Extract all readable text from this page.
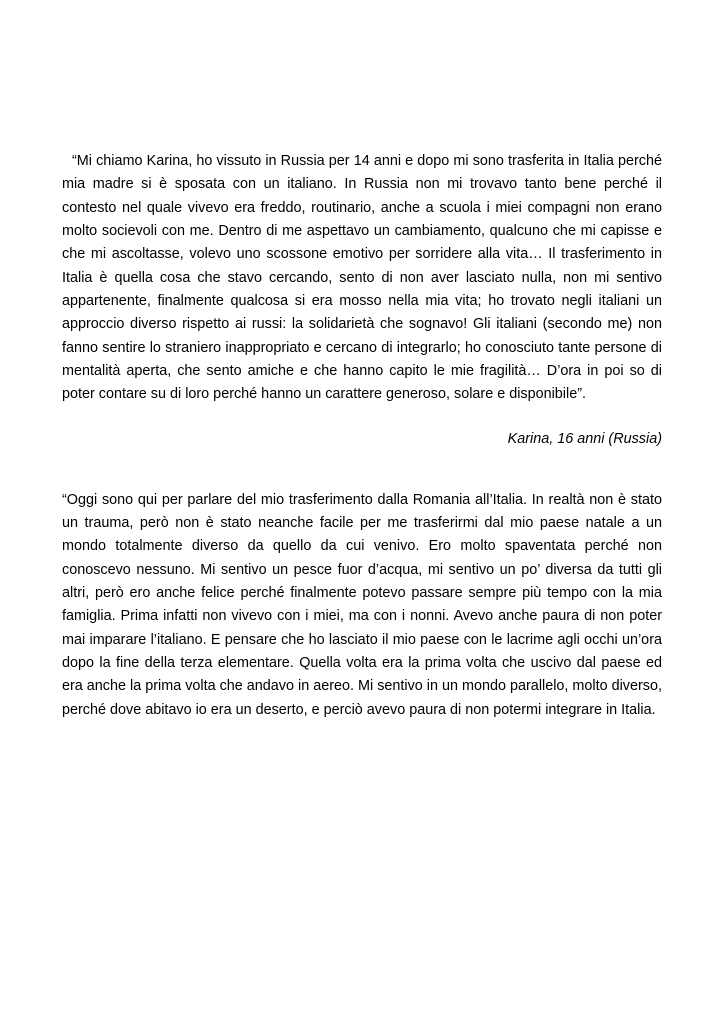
“Mi chiamo Karina, ho vissuto in Russia per 14 anni e dopo mi sono trasferita in Italia perché mia madre si è sposata con un italiano. In Russia non mi trovavo tanto bene perché il contesto nel quale vivevo era freddo, routinario, anche a scuola i miei compagni non erano molto socievoli con me. Dentro di me aspettavo un cambiamento, qualcuno che mi capisse e che mi ascoltasse, volevo uno scossone emotivo per sorridere alla vita… Il trasferimento in Italia è quella cosa che stavo cercando, sento di non aver lasciato nulla, non mi sentivo appartenente, finalmente qualcosa si era mosso nella mia vita; ho trovato negli italiani un approccio diverso rispetto ai russi: la solidarietà che sognavo! Gli italiani (secondo me) non fanno sentire lo straniero inappropriato e cercano di integrarlo; ho conosciuto tante persone di mentalità aperta, che sento amiche e che hanno capito le mie fragilità… D’ora in poi so di poter contare su di loro perché hanno un carattere generoso, solare e disponibile”.

Karina, 16 anni (Russia)

“Oggi sono qui per parlare del mio trasferimento dalla Romania all’Italia. In realtà non è stato un trauma, però non è stato neanche facile per me trasferirmi dal mio paese natale a un mondo totalmente diverso da quello da cui venivo. Ero molto spaventata perché non conoscevo nessuno. Mi sentivo un pesce fuor d’acqua, mi sentivo un po’ diversa da tutti gli altri, però ero anche felice perché finalmente potevo passare sempre più tempo con la mia famiglia. Prima infatti non vivevo con i miei, ma con i nonni. Avevo anche paura di non poter mai imparare l’italiano. E pensare che ho lasciato il mio paese con le lacrime agli occhi un’ora dopo la fine della terza elementare. Quella volta era la prima volta che uscivo dal paese ed era anche la prima volta che andavo in aereo. Mi sentivo in un mondo parallelo, molto diverso, perché dove abitavo io era un deserto, e perciò avevo paura di non potermi integrare in Italia.
